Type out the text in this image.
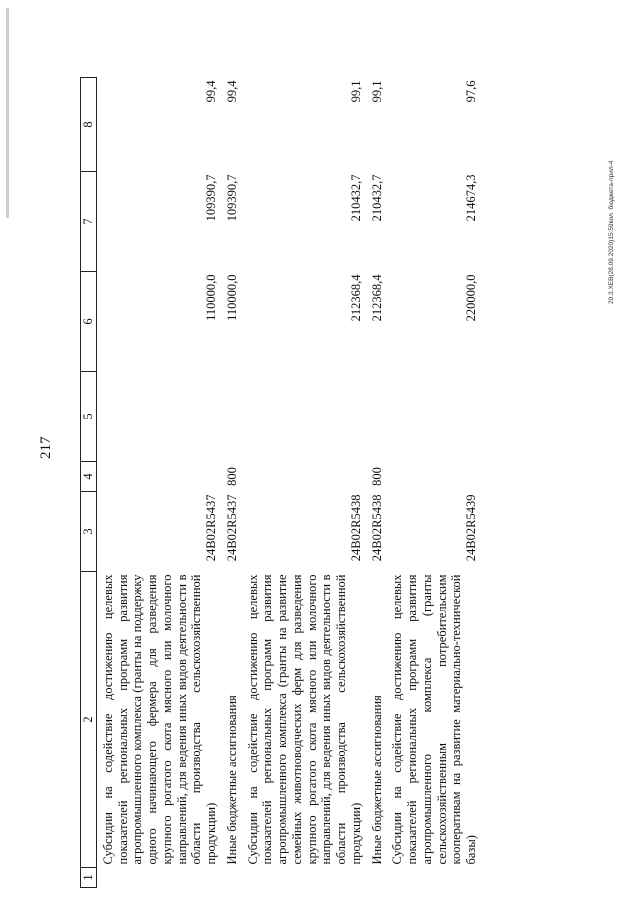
217
1	2	3	4	5	6	7	8
	Субсидии на содействие достижению целевых показателей региональных программ развития агропромышленного комплекса (гранты на поддержку одного начинающего фермера для разведения крупного рогатого скота мясного или молочного направлений, для ведения иных видов деятельности в области производства сельскохозяйственной продукции)	24В02R5437			110000,0	109390,7	99,4
	Иные бюджетные ассигнования	24В02R5437	800		110000,0	109390,7	99,4
	Субсидии на содействие достижению целевых показателей региональных программ развития агропромышленного комплекса (гранты на развитие семейных животноводческих ферм для разведения крупного рогатого скота мясного или молочного направлений, для ведения иных видов деятельности в области производства сельскохозяйственной продукции)	24В02R5438			212368,4	210432,7	99,1
	Иные бюджетные ассигнования	24В02R5438	800		212368,4	210432,7	99,1
	Субсидии на содействие достижению целевых показателей региональных программ развития агропромышленного комплекса (гранты сельскохозяйственным потребительским кооперативам на развитие материально-технической базы)	24В02R5439			220000,0	214674,3	97,6
20.3.ХЕВ(28.09.2020)15:59кол. бюджета-прил-4
